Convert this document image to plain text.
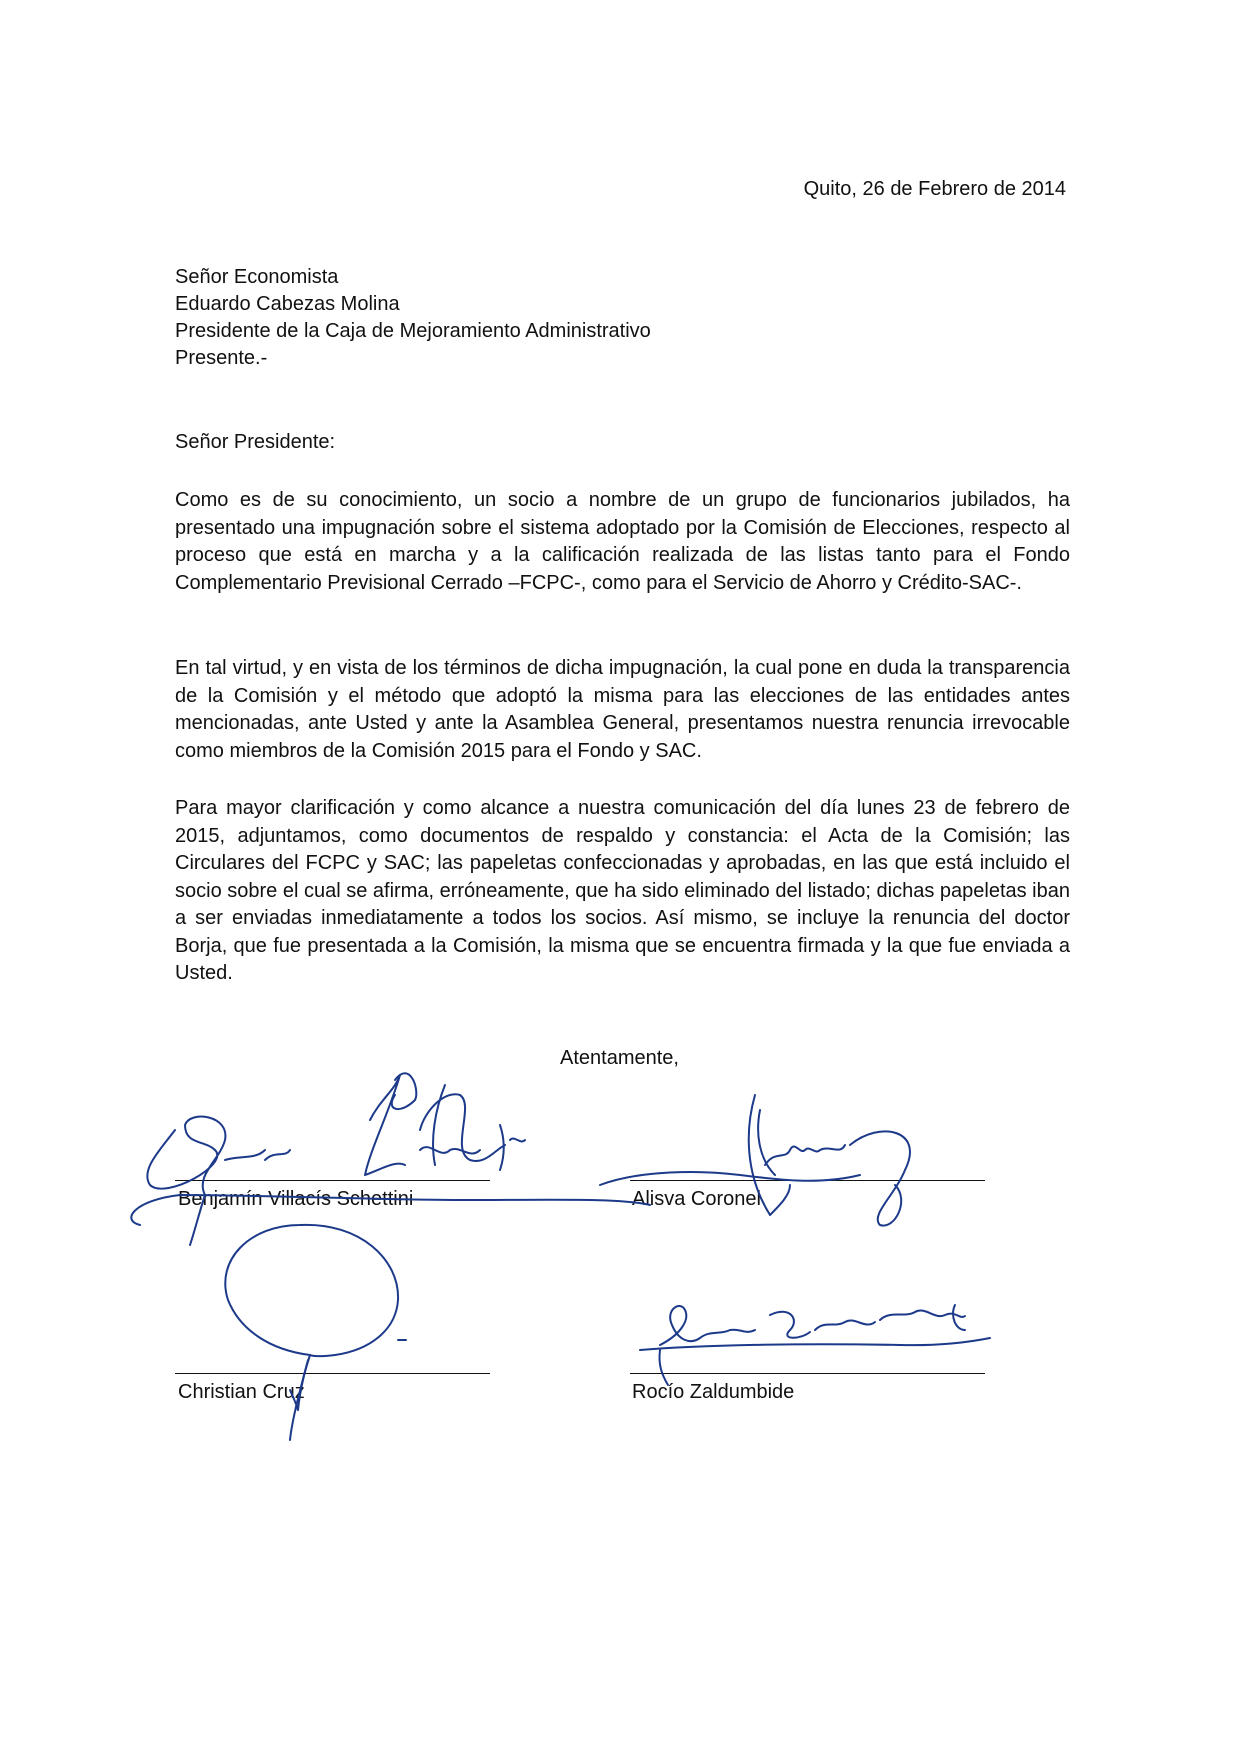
Quito, 26 de Febrero de 2014
Señor Economista
Eduardo Cabezas Molina
Presidente de la Caja de Mejoramiento Administrativo
Presente.-
Señor Presidente:

Como es de su conocimiento, un socio a nombre de un grupo de funcionarios jubilados, ha presentado una impugnación sobre el sistema adoptado por la Comisión de Elecciones, respecto al proceso que está en marcha y a la calificación realizada de las listas tanto para el Fondo Complementario Previsional Cerrado –FCPC-, como para el Servicio de Ahorro y Crédito-SAC-.

En tal virtud, y en vista de los términos de dicha impugnación, la cual pone en duda la transparencia de la Comisión y el método que adoptó la misma para las elecciones de las entidades antes mencionadas, ante Usted y ante la Asamblea General, presentamos nuestra renuncia irrevocable como miembros de la Comisión 2015 para el Fondo y SAC.

Para mayor clarificación y como alcance a nuestra comunicación del día lunes 23 de febrero de 2015, adjuntamos, como documentos de respaldo y constancia: el Acta de la Comisión; las Circulares del FCPC y SAC; las papeletas confeccionadas y aprobadas, en las que está incluido el socio sobre el cual se afirma, erróneamente, que ha sido eliminado del listado; dichas papeletas iban a ser enviadas inmediatamente a todos los socios. Así mismo, se incluye la renuncia del doctor Borja, que fue presentada a la Comisión, la misma que se encuentra firmada y la que fue enviada a Usted.

Atentamente,
Benjamín Villacís Schettini	Alisva Coronel
Christian Cruz	Rocío Zaldumbide
